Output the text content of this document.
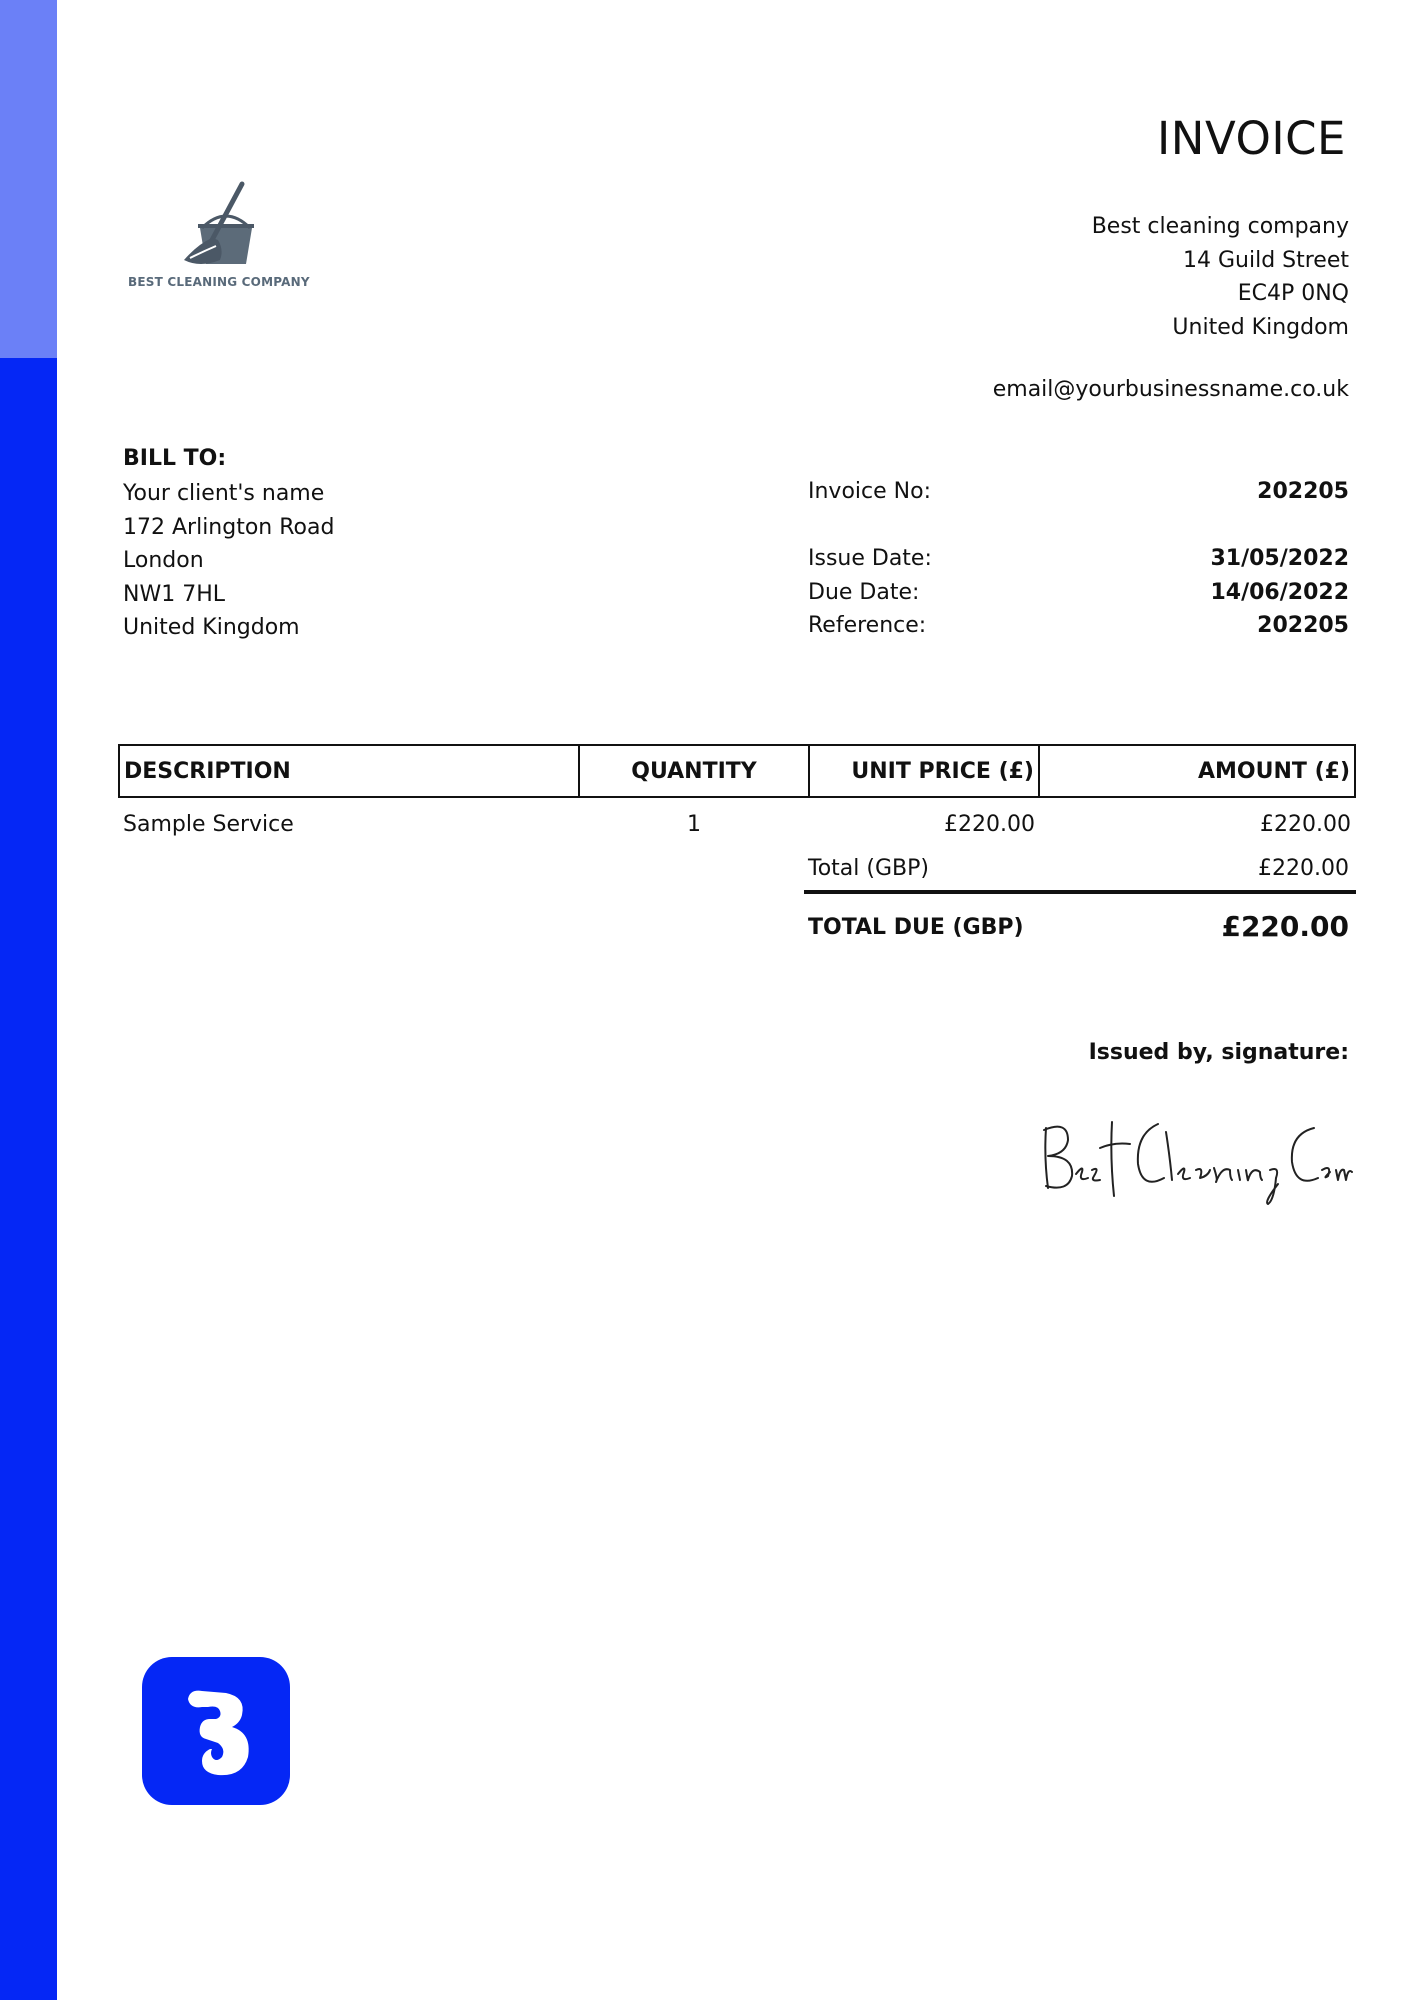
BEST CLEANING COMPANY
INVOICE
Best cleaning company
14 Guild Street
EC4P 0NQ
United Kingdom
email@yourbusinessname.co.uk
BILL TO:
Your client's name
172 Arlington Road
London
NW1 7HL
United Kingdom
Invoice No:	202205
Issue Date:	31/05/2022
Due Date:	14/06/2022
Reference:	202205
DESCRIPTION	QUANTITY	UNIT PRICE (£)	AMOUNT (£)
Sample Service	1	£220.00	£220.00
Total (GBP)	£220.00
TOTAL DUE (GBP)	£220.00
Issued by, signature:
